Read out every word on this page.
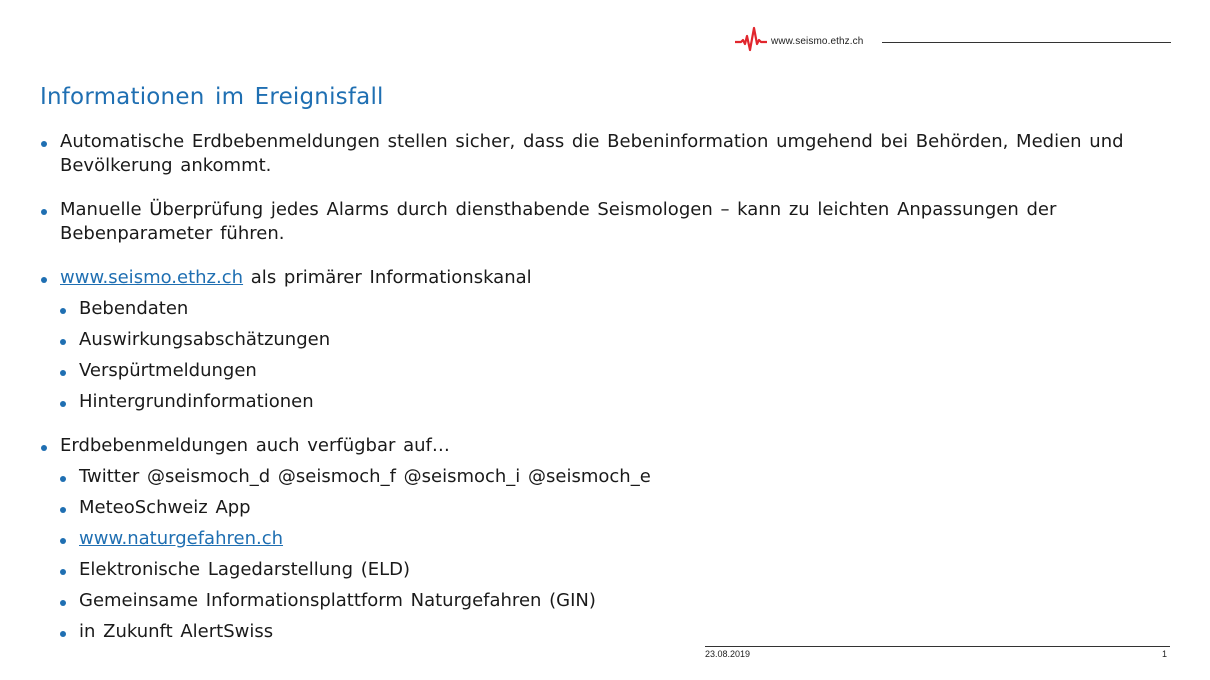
www.seismo.ethz.ch
Informationen im Ereignisfall
Automatische Erdbebenmeldungen stellen sicher, dass die Bebeninformation umgehend bei Behörden, Medien und Bevölkerung ankommt.
Manuelle Überprüfung jedes Alarms durch diensthabende Seismologen – kann zu leichten Anpassungen der Bebenparameter führen.
www.seismo.ethz.ch als primärer Informationskanal
Bebendaten
Auswirkungsabschätzungen
Verspürtmeldungen
Hintergrundinformationen
Erdbebenmeldungen auch verfügbar auf…
Twitter @seismoch_d @seismoch_f @seismoch_i @seismoch_e
MeteoSchweiz App
www.naturgefahren.ch
Elektronische Lagedarstellung (ELD)
Gemeinsame Informationsplattform Naturgefahren (GIN)
in Zukunft AlertSwiss
23.08.2019	1
